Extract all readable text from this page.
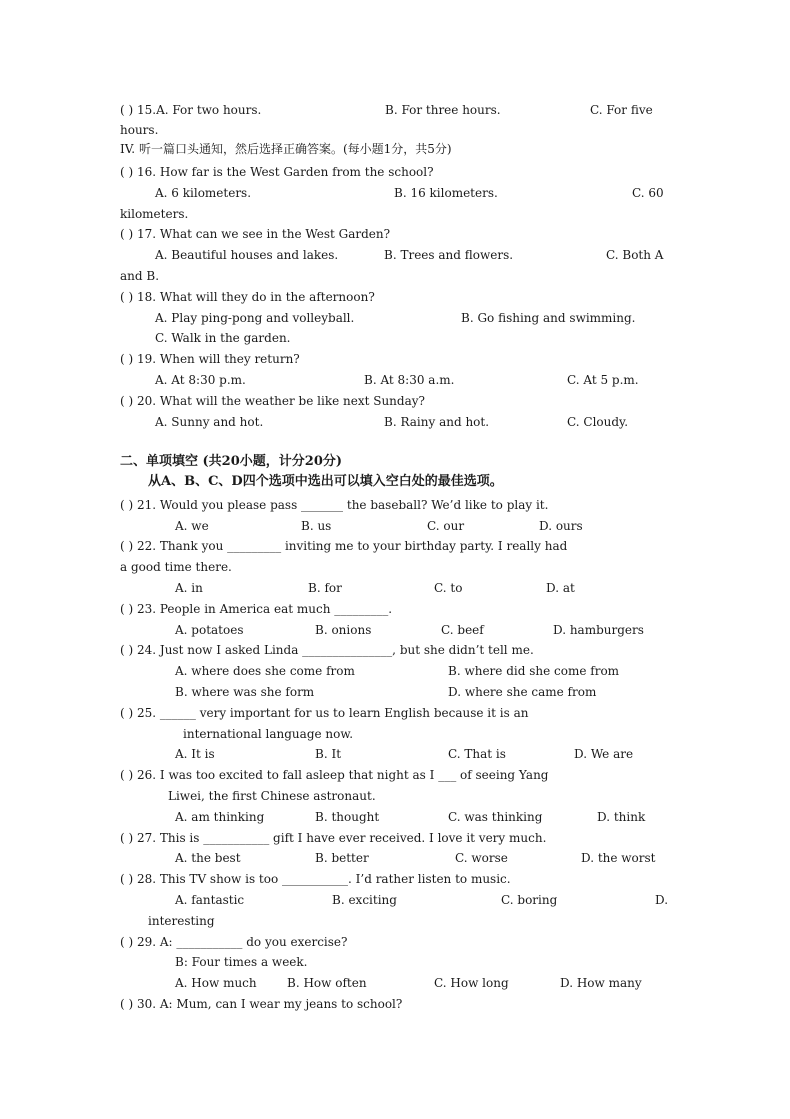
( ) 15.A. For two hours.	B. For three hours.	C. For five
hours.
IV. 听一篇口头通知，然后选择正确答案。(每小题1分，共5分)
( ) 16. How far is the West Garden from the school?
A. 6 kilometers.	B. 16 kilometers.	C. 60
kilometers.
( ) 17. What can we see in the West Garden?
A. Beautiful houses and lakes.	B. Trees and flowers.	C. Both A
and B.
( ) 18. What will they do in the afternoon?
A. Play ping-pong and volleyball.	B. Go fishing and swimming.
C. Walk in the garden.
( ) 19. When will they return?
A. At 8:30 p.m.	B. At 8:30 a.m.	C. At 5 p.m.
( ) 20. What will the weather be like next Sunday?
A. Sunny and hot.	B. Rainy and hot.	C. Cloudy.
二、单项填空 (共20小题，计分20分)
从A、B、C、D四个选项中选出可以填入空白处的最佳选项。
( ) 21. Would you please pass _______ the baseball? We’d like to play it.
A. we	B. us	C. our	D. ours
( ) 22. Thank you _________ inviting me to your birthday party. I really had
a good time there.
A. in	B. for	C. to	D. at
( ) 23. People in America eat much _________.
A. potatoes	B. onions	C. beef	D. hamburgers
( ) 24. Just now I asked Linda _______________, but she didn’t tell me.
A. where does she come from	B. where did she come from
B. where was she form	D. where she came from
( ) 25. ______ very important for us to learn English because it is an
international language now.
A. It is	B. It	C. That is	D. We are
( ) 26. I was too excited to fall asleep that night as I ___ of seeing Yang
Liwei, the first Chinese astronaut.
A. am thinking	B. thought	C. was thinking	D. think
( ) 27. This is ___________ gift I have ever received. I love it very much.
A. the best	B. better	C. worse	D. the worst
( ) 28. This TV show is too ___________. I’d rather listen to music.
A. fantastic	B. exciting	C. boring	D.
interesting
( ) 29. A: ___________ do you exercise?
B: Four times a week.
A. How much	B. How often	C. How long	D. How many
( ) 30. A: Mum, can I wear my jeans to school?
